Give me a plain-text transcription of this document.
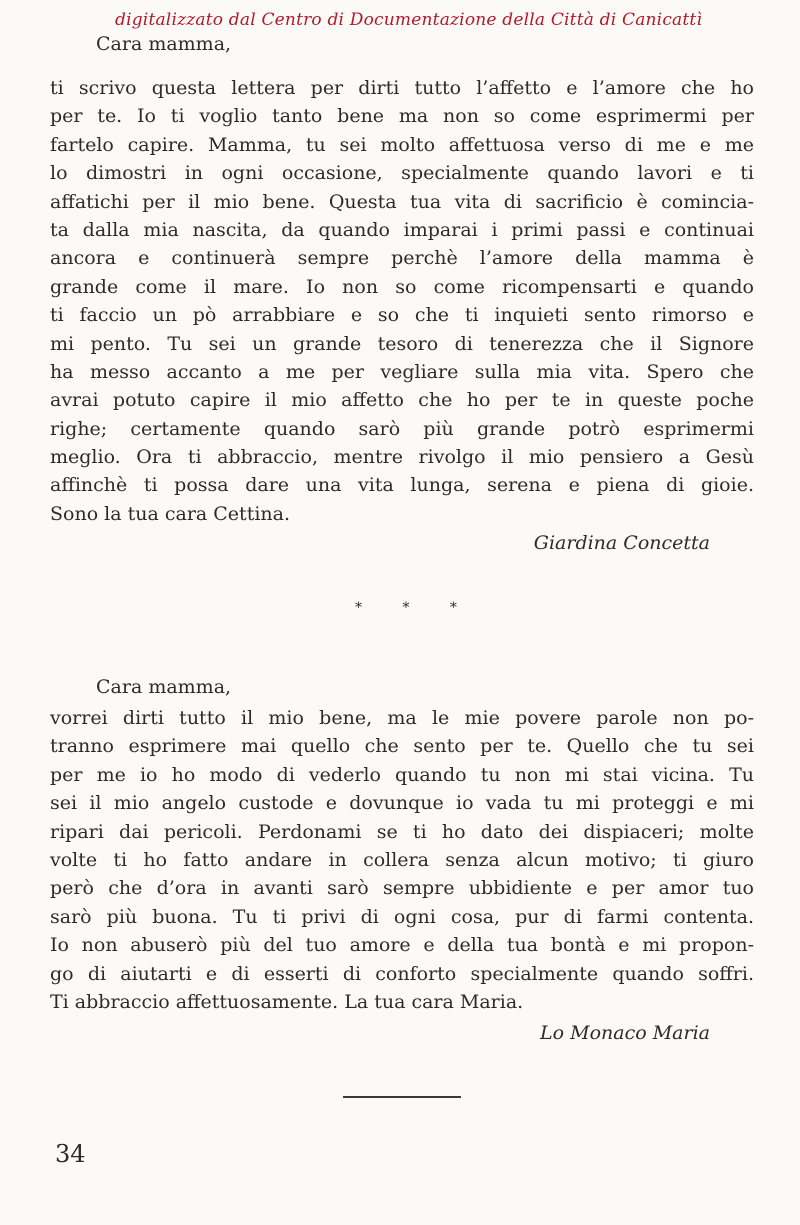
digitalizzato dal Centro di Documentazione della Città di Canicattì
Cara mamma,
ti scrivo questa lettera per dirti tutto l’affetto e l’amore che ho
per te. Io ti voglio tanto bene ma non so come esprimermi per
fartelo capire. Mamma, tu sei molto affettuosa verso di me e me
lo dimostri in ogni occasione, specialmente quando lavori e ti
affatichi per il mio bene. Questa tua vita di sacrificio è comincia-
ta dalla mia nascita, da quando imparai i primi passi e continuai
ancora e continuerà sempre perchè l’amore della mamma è
grande come il mare. Io non so come ricompensarti e quando
ti faccio un pò arrabbiare e so che ti inquieti sento rimorso e
mi pento. Tu sei un grande tesoro di tenerezza che il Signore
ha messo accanto a me per vegliare sulla mia vita. Spero che
avrai potuto capire il mio affetto che ho per te in queste poche
righe; certamente quando sarò più grande potrò esprimermi
meglio. Ora ti abbraccio, mentre rivolgo il mio pensiero a Gesù
affinchè ti possa dare una vita lunga, serena e piena di gioie.
Sono la tua cara Cettina.
Giardina Concetta
* * *
Cara mamma,
vorrei dirti tutto il mio bene, ma le mie povere parole non po-
tranno esprimere mai quello che sento per te. Quello che tu sei
per me io ho modo di vederlo quando tu non mi stai vicina. Tu
sei il mio angelo custode e dovunque io vada tu mi proteggi e mi
ripari dai pericoli. Perdonami se ti ho dato dei dispiaceri; molte
volte ti ho fatto andare in collera senza alcun motivo; ti giuro
però che d’ora in avanti sarò sempre ubbidiente e per amor tuo
sarò più buona. Tu ti privi di ogni cosa, pur di farmi contenta.
Io non abuserò più del tuo amore e della tua bontà e mi propon-
go di aiutarti e di esserti di conforto specialmente quando soffri.
Ti abbraccio affettuosamente. La tua cara Maria.
Lo Monaco Maria
34
